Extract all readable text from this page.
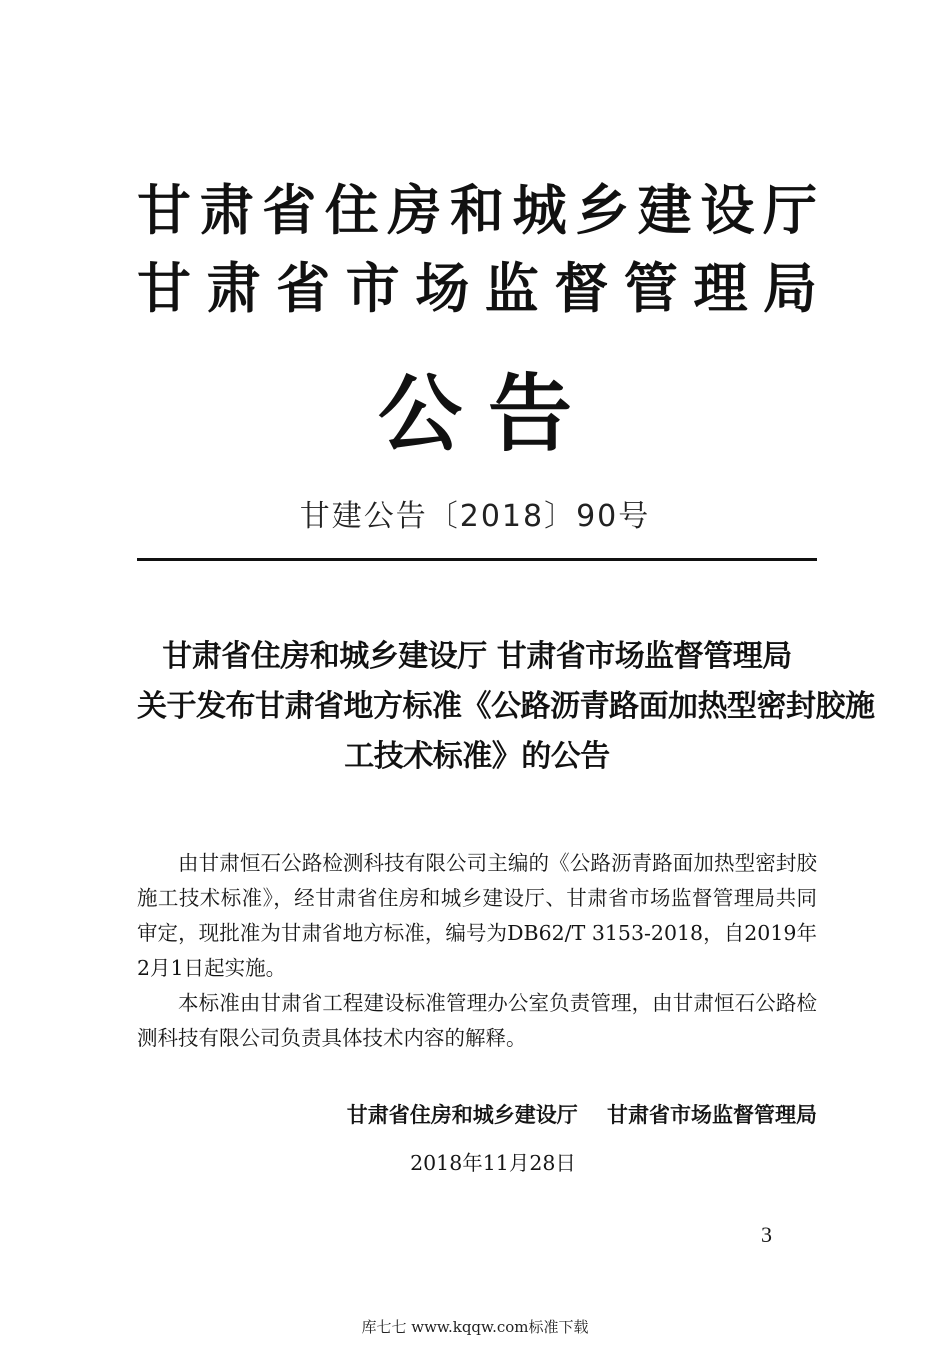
甘肃省住房和城乡建设厅
甘肃省市场监督管理局
公告
甘建公告〔2018〕90号
甘肃省住房和城乡建设厅 甘肃省市场监督管理局
关于发布甘肃省地方标准《公路沥青路面加热型密封胶施
工技术标准》的公告

由甘肃恒石公路检测科技有限公司主编的《公路沥青路面加热型密封胶施工技术标准》，经甘肃省住房和城乡建设厅、甘肃省市场监督管理局共同审定，现批准为甘肃省地方标准，编号为DB62/T 3153-2018，自2019年2月1日起实施。

本标准由甘肃省工程建设标准管理办公室负责管理，由甘肃恒石公路检测科技有限公司负责具体技术内容的解释。

甘肃省住房和城乡建设厅    甘肃省市场监督管理局
2018年11月28日
3
库七七 www.kqqw.com标准下载
